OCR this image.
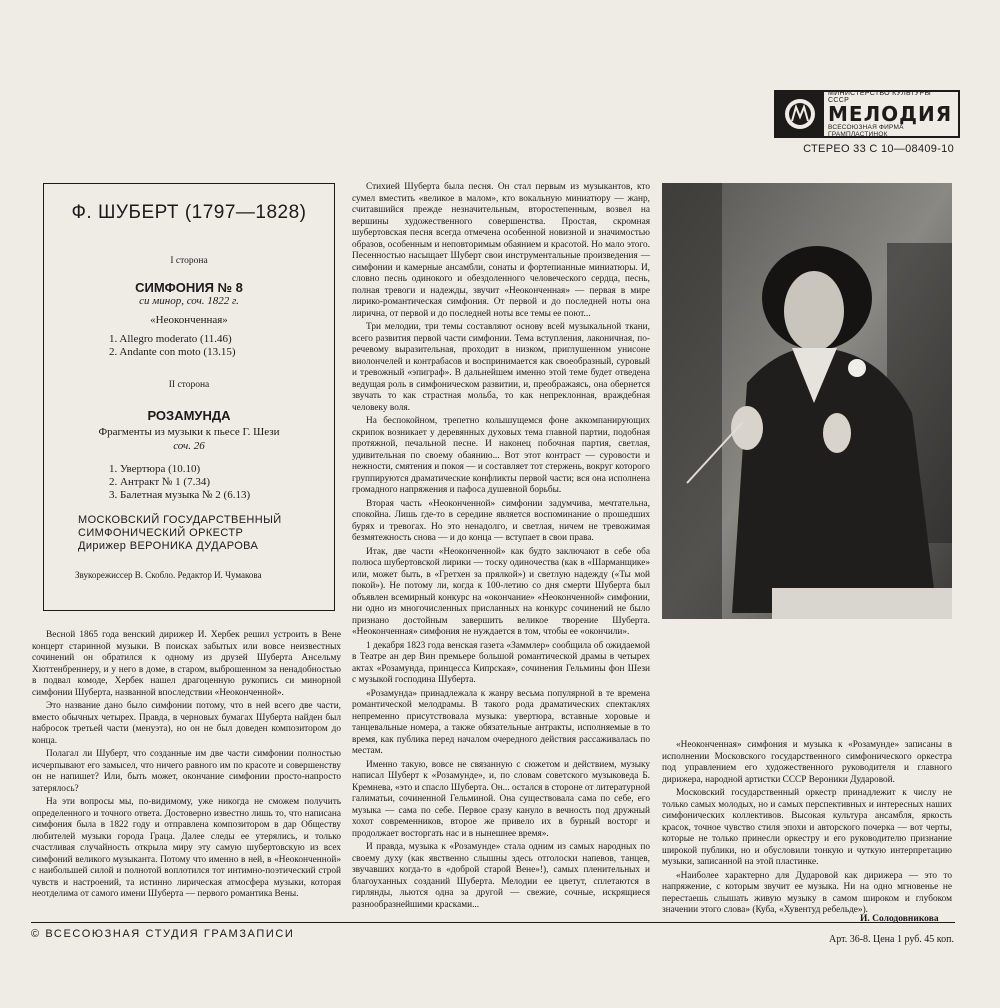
МИНИСТЕРСТВО КУЛЬТУРЫ СССР
МЕЛОДИЯ
ВСЕСОЮЗНАЯ ФИРМА ГРАМПЛАСТИНОК
СТЕРЕО 33 С 10—08409-10
Ф. ШУБЕРТ (1797—1828)
I сторона
СИМФОНИЯ № 8
си минор, соч. 1822 г.
«Неоконченная»
1. Allegro moderato (11.46)
2. Andante con moto (13.15)
II сторона
РОЗАМУНДА
Фрагменты из музыки к пьесе Г. Шези
соч. 26
1. Увертюра (10.10)
2. Антракт № 1 (7.34)
3. Балетная музыка № 2 (6.13)
МОСКОВСКИЙ ГОСУДАРСТВЕННЫЙ
СИМФОНИЧЕСКИЙ ОРКЕСТР
Дирижер ВЕРОНИКА ДУДАРОВА
Звукорежиссер В. Скобло. Редактор И. Чумакова

Весной 1865 года венский дирижер И. Хербек решил устроить в Вене концерт старинной музыки. В поисках забытых или вовсе неизвестных сочинений он обратился к одному из друзей Шуберта Ансельму Хюттенбреннеру, и у него в доме, в старом, выброшенном за ненадобностью в подвал комоде, Хербек нашел драгоценную рукопись си минорной симфонии Шуберта, названной впоследствии «Неоконченной».

Это название дано было симфонии потому, что в ней всего две части, вместо обычных четырех. Правда, в черновых бумагах Шуберта найден был набросок третьей части (менуэта), но он не был доведен композитором до конца.

Полагал ли Шуберт, что созданные им две части симфонии полностью исчерпывают его замысел, что ничего равного им по красоте и совершенству он не напишет? Или, быть может, окончание симфонии просто-напросто затерялось?

На эти вопросы мы, по-видимому, уже никогда не сможем получить определенного и точного ответа. Достоверно известно лишь то, что написана симфония была в 1822 году и отправлена композитором в дар Обществу любителей музыки города Граца. Далее следы ее утерялись, и только счастливая случайность открыла миру эту самую шубертовскую из всех симфоний великого музыканта. Потому что именно в ней, в «Неоконченной» с наибольшей силой и полнотой воплотился тот интимно-поэтический строй чувств и настроений, та истинно лирическая атмосфера музыки, которая неотделима от самого имени Шуберта — первого романтика Вены.

Стихией Шуберта была песня. Он стал первым из музыкантов, кто сумел вместить «великое в малом», кто вокальную миниатюру — жанр, считавшийся прежде незначительным, второстепенным, возвел на вершины художественного совершенства. Простая, скромная шубертовская песня всегда отмечена особенной новизной и значимостью образов, особенным и неповторимым обаянием и красотой. Но мало этого. Песенностью насыщает Шуберт свои инструментальные произведения — симфонии и камерные ансамбли, сонаты и фортепианные миниатюры. И, словно песнь одинокого и обездоленного человеческого сердца, песнь, полная тревоги и надежды, звучит «Неоконченная» — первая в мире лирико-романтическая симфония. От первой и до последней ноты она лирична, от первой и до последней ноты все темы ее поют...

Три мелодии, три темы составляют основу всей музыкальной ткани, всего развития первой части симфонии. Тема вступления, лаконичная, по-речевому выразительная, проходит в низком, приглушенном унисоне виолончелей и контрабасов и воспринимается как своеобразный, суровый и тревожный «эпиграф». В дальнейшем именно этой теме будет отведена ведущая роль в симфоническом развитии, и, преображаясь, она обернется звучать то как страстная мольба, то как непреклонная, враждебная человеку воля.

На беспокойном, трепетно колышущемся фоне аккомпанирующих скрипок возникает у деревянных духовых тема главной партии, подобная протяжной, печальной песне. И наконец побочная партия, светлая, удивительная по своему обаянию... Вот этот контраст — суровости и нежности, смятения и покоя — и составляет тот стержень, вокруг которого группируются драматические конфликты первой части; вся она исполнена громадного напряжения и пафоса душевной борьбы.

Вторая часть «Неоконченной» симфонии задумчива, мечтательна, спокойна. Лишь где-то в середине является воспоминание о прошедших бурях и тревогах. Но это ненадолго, и светлая, ничем не тревожимая безмятежность снова — и до конца — вступает в свои права.

Итак, две части «Неоконченной» как будто заключают в себе оба полюса шубертовской лирики — тоску одиночества (как в «Шарманщике» или, может быть, в «Гретхен за прялкой») и светлую надежду («Ты мой покой»). Не потому ли, когда к 100-летию со дня смерти Шуберта был объявлен всемирный конкурс на «окончание» «Неоконченной» симфонии, ни одно из многочисленных присланных на конкурс сочинений не было признано достойным завершить великое творение Шуберта. «Неоконченная» симфония не нуждается в том, чтобы ее «окончили».

1 декабря 1823 года венская газета «Заммлер» сообщила об ожидаемой в Театре ан дер Вин премьере большой романтической драмы в четырех актах «Розамунда, принцесса Кипрская», сочинения Гельмины фон Шези с музыкой господина Шуберта.

«Розамунда» принадлежала к жанру весьма популярной в те времена романтической мелодрамы. В такого рода драматических спектаклях непременно присутствовала музыка: увертюра, вставные хоровые и танцевальные номера, а также обязательные антракты, исполняемые в то время, как публика перед началом очередного действия рассаживалась по местам.

Именно такую, вовсе не связанную с сюжетом и действием, музыку написал Шуберт к «Розамунде», и, по словам советского музыковеда Б. Кремнева, «это и спасло Шуберта. Он... остался в стороне от литературной галиматьи, сочиненной Гельминой. Она существовала сама по себе, его музыка — сама по себе. Первое сразу канулo в вечность под дружный хохот современников, второе же привело их в бурный восторг и продолжает восторгать нас и в нынешнее время».

И правда, музыка к «Розамунде» стала одним из самых народных по своему духу (как явственно слышны здесь отголоски напевов, танцев, звучавших когда-то в «доброй старой Вене»!), самых пленительных и благоуханных созданий Шуберта. Мелодии ее цветут, сплетаются в гирлянды, льются одна за другой — свежие, сочные, искрящиеся разнообразнейшими красками...

«Неоконченная» симфония и музыка к «Розамунде» записаны в исполнении Московского государственного симфонического оркестра под управлением его художественного руководителя и главного дирижера, народной артистки СССР Вероники Дударовой.

Московский государственный оркестр принадлежит к числу не только самых молодых, но и самых перспективных и интересных наших симфонических коллективов. Высокая культура ансамбля, яркость красок, точное чувство стиля эпохи и авторского почерка — вот черты, которые не только принесли оркестру и его руководителю признание широкой публики, но и обусловили тонкую и чуткую интерпретацию музыки, записанной на этой пластинке.

«Наиболее характерно для Дударовой как дирижера — это то напряжение, с которым звучит ее музыка. Ни на одно мгновенье не перестаешь слышать живую музыку в самом широком и глубоком значении этого слова» (Куба, «Хувентуд ребельде»).

И. Солодовникова
© ВСЕСОЮЗНАЯ СТУДИЯ ГРАМЗАПИСИ	Арт. 36-8. Цена 1 руб. 45 коп.
